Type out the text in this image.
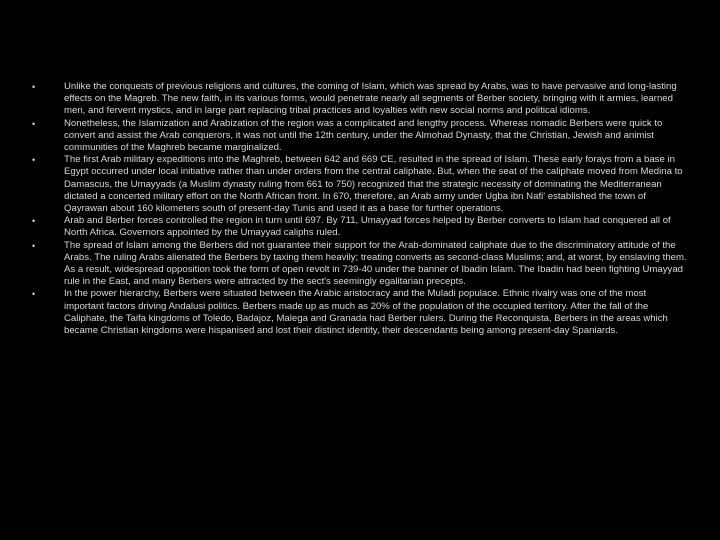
•	Unlike the conquests of previous religions and cultures, the coming of Islam, which was spread by Arabs, was to have pervasive and long-lasting effects on the Magreb. The new faith, in its various forms, would penetrate nearly all segments of Berber society, bringing with it armies, learned men, and fervent mystics, and in large part replacing tribal practices and loyalties with new social norms and political idioms.
•	Nonetheless, the Islamization and Arabization of the region was a complicated and lengthy process. Whereas nomadic Berbers were quick to convert and assist the Arab conquerors, it was not until the 12th century, under the Almohad Dynasty, that the Christian, Jewish and animist communities of the Maghreb became marginalized.
•	The first Arab military expeditions into the Maghreb, between 642 and 669 CE, resulted in the spread of Islam. These early forays from a base in Egypt occurred under local initiative rather than under orders from the central caliphate. But, when the seat of the caliphate moved from Medina to Damascus, the Umayyads (a Muslim dynasty ruling from 661 to 750) recognized that the strategic necessity of dominating the Mediterranean dictated a concerted military effort on the North African front. In 670, therefore, an Arab army under Ugba ibn Nafi' established the town of Qayrawan about 160 kilometers south of present-day Tunis and used it as a base for further operations.
•	Arab and Berber forces controlled the region in turn until 697. By 711, Umayyad forces helped by Berber converts to Islam had conquered all of North Africa. Governors appointed by the Umayyad caliphs ruled.
•	The spread of Islam among the Berbers did not guarantee their support for the Arab-dominated caliphate due to the discriminatory attitude of the Arabs. The ruling Arabs alienated the Berbers by taxing them heavily; treating converts as second-class Muslims; and, at worst, by enslaving them. As a result, widespread opposition took the form of open revolt in 739-40 under the banner of Ibadin Islam. The Ibadin had been fighting Umayyad rule in the East, and many Berbers were attracted by the sect's seemingly egalitarian precepts.
•	In the power hierarchy, Berbers were situated between the Arabic aristocracy and the Muladi populace. Ethnic rivalry was one of the most important factors driving Andalusi politics. Berbers made up as much as 20% of the population of the occupied territory. After the fall of the Caliphate, the Taifa kingdoms of Toledo, Badajoz, Malega and Granada had Berber rulers. During the Reconquista, Berbers in the areas which became Christian kingdoms were hispanised and lost their distinct identity, their descendants being among present-day Spaniards.
